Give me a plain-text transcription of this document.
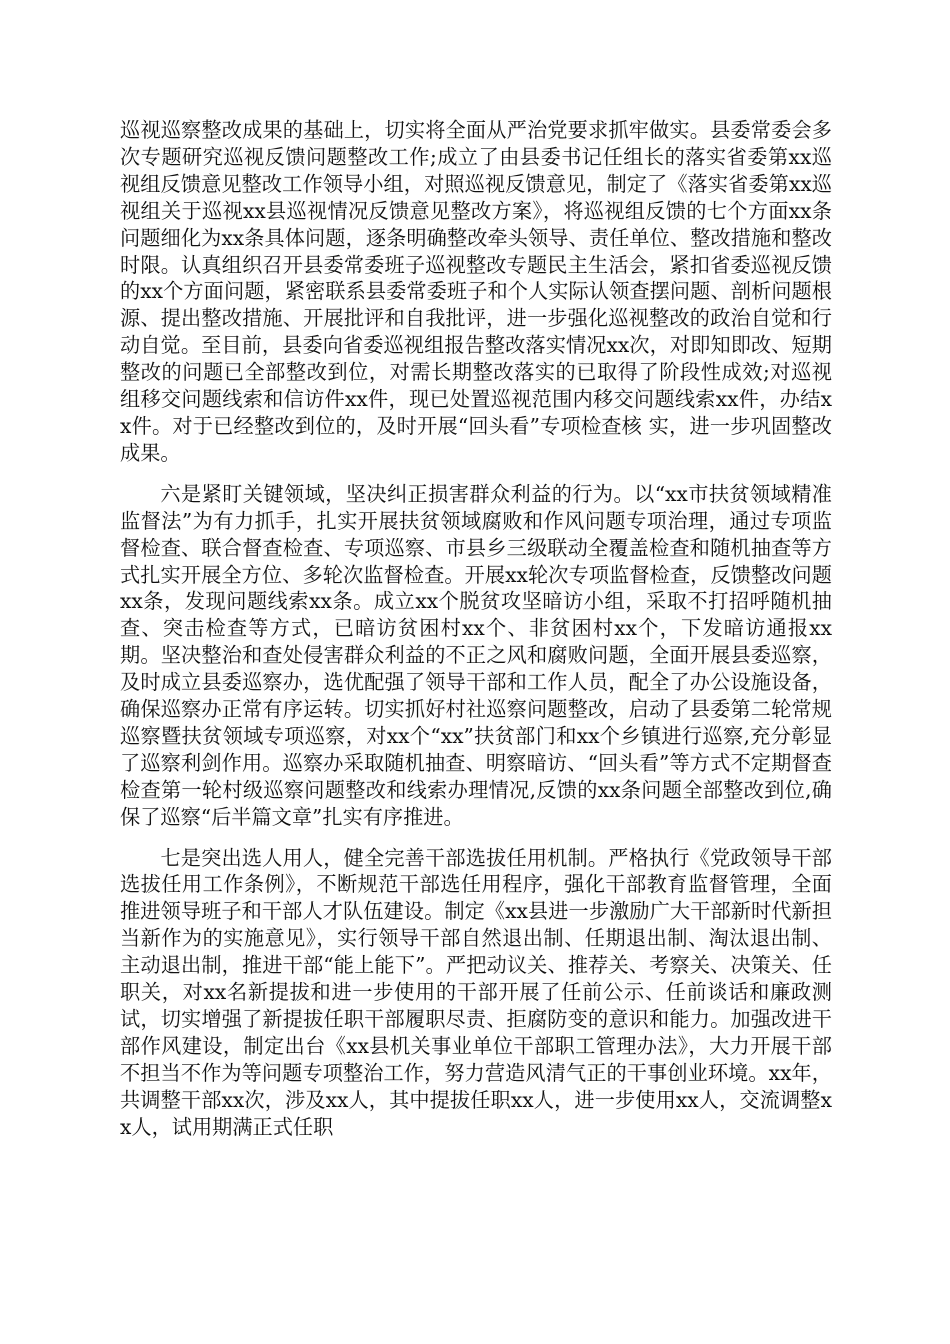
巡视巡察整改成果的基础上，切实将全面从严治党要求抓牢做实。县委常委会多次专题研究巡视反馈问题整改工作;成立了由县委书记任组长的落实省委第xx巡视组反馈意见整改工作领导小组，对照巡视反馈意见，制定了《落实省委第xx巡视组关于巡视xx县巡视情况反馈意见整改方案》，将巡视组反馈的七个方面xx条问题细化为xx条具体问题，逐条明确整改牵头领导、责任单位、整改措施和整改时限。认真组织召开县委常委班子巡视整改专题民主生活会，紧扣省委巡视反馈的xx个方面问题，紧密联系县委常委班子和个人实际认领查摆问题、剖析问题根源、提出整改措施、开展批评和自我批评，进一步强化巡视整改的政治自觉和行动自觉。至目前，县委向省委巡视组报告整改落实情况xx次，对即知即改、短期整改的问题已全部整改到位，对需长期整改落实的已取得了阶段性成效;对巡视组移交问题线索和信访件xx件，现已处置巡视范围内移交问题线索xx件，办结xx件。对于已经整改到位的，及时开展“回头看”专项检查核 实，进一步巩固整改成果。

六是紧盯关键领域，坚决纠正损害群众利益的行为。以“xx市扶贫领域精准监督法”为有力抓手，扎实开展扶贫领域腐败和作风问题专项治理，通过专项监督检查、联合督查检查、专项巡察、市县乡三级联动全覆盖检查和随机抽查等方式扎实开展全方位、多轮次监督检查。开展xx轮次专项监督检查，反馈整改问题xx条，发现问题线索xx条。成立xx个脱贫攻坚暗访小组，采取不打招呼随机抽查、突击检查等方式，已暗访贫困村xx个、非贫困村xx个，下发暗访通报xx期。坚决整治和查处侵害群众利益的不正之风和腐败问题，全面开展县委巡察，及时成立县委巡察办，选优配强了领导干部和工作人员，配全了办公设施设备，确保巡察办正常有序运转。切实抓好村社巡察问题整改，启动了县委第二轮常规巡察暨扶贫领域专项巡察，对xx个“xx”扶贫部门和xx个乡镇进行巡察,充分彰显了巡察利剑作用。巡察办采取随机抽查、明察暗访、“回头看”等方式不定期督查检查第一轮村级巡察问题整改和线索办理情况,反馈的xx条问题全部整改到位,确保了巡察“后半篇文章”扎实有序推进。

七是突出选人用人，健全完善干部选拔任用机制。严格执行《党政领导干部选拔任用工作条例》，不断规范干部选任用程序，强化干部教育监督管理，全面推进领导班子和干部人才队伍建设。制定《xx县进一步激励广大干部新时代新担当新作为的实施意见》，实行领导干部自然退出制、任期退出制、淘汰退出制、主动退出制，推进干部“能上能下”。严把动议关、推荐关、考察关、决策关、任职关，对xx名新提拔和进一步使用的干部开展了任前公示、任前谈话和廉政测试，切实增强了新提拔任职干部履职尽责、拒腐防变的意识和能力。加强改进干部作风建设，制定出台《xx县机关事业单位干部职工管理办法》，大力开展干部不担当不作为等问题专项整治工作，努力营造风清气正的干事创业环境。xx年，共调整干部xx次，涉及xx人，其中提拔任职xx人，进一步使用xx人，交流调整xx人，试用期满正式任职
